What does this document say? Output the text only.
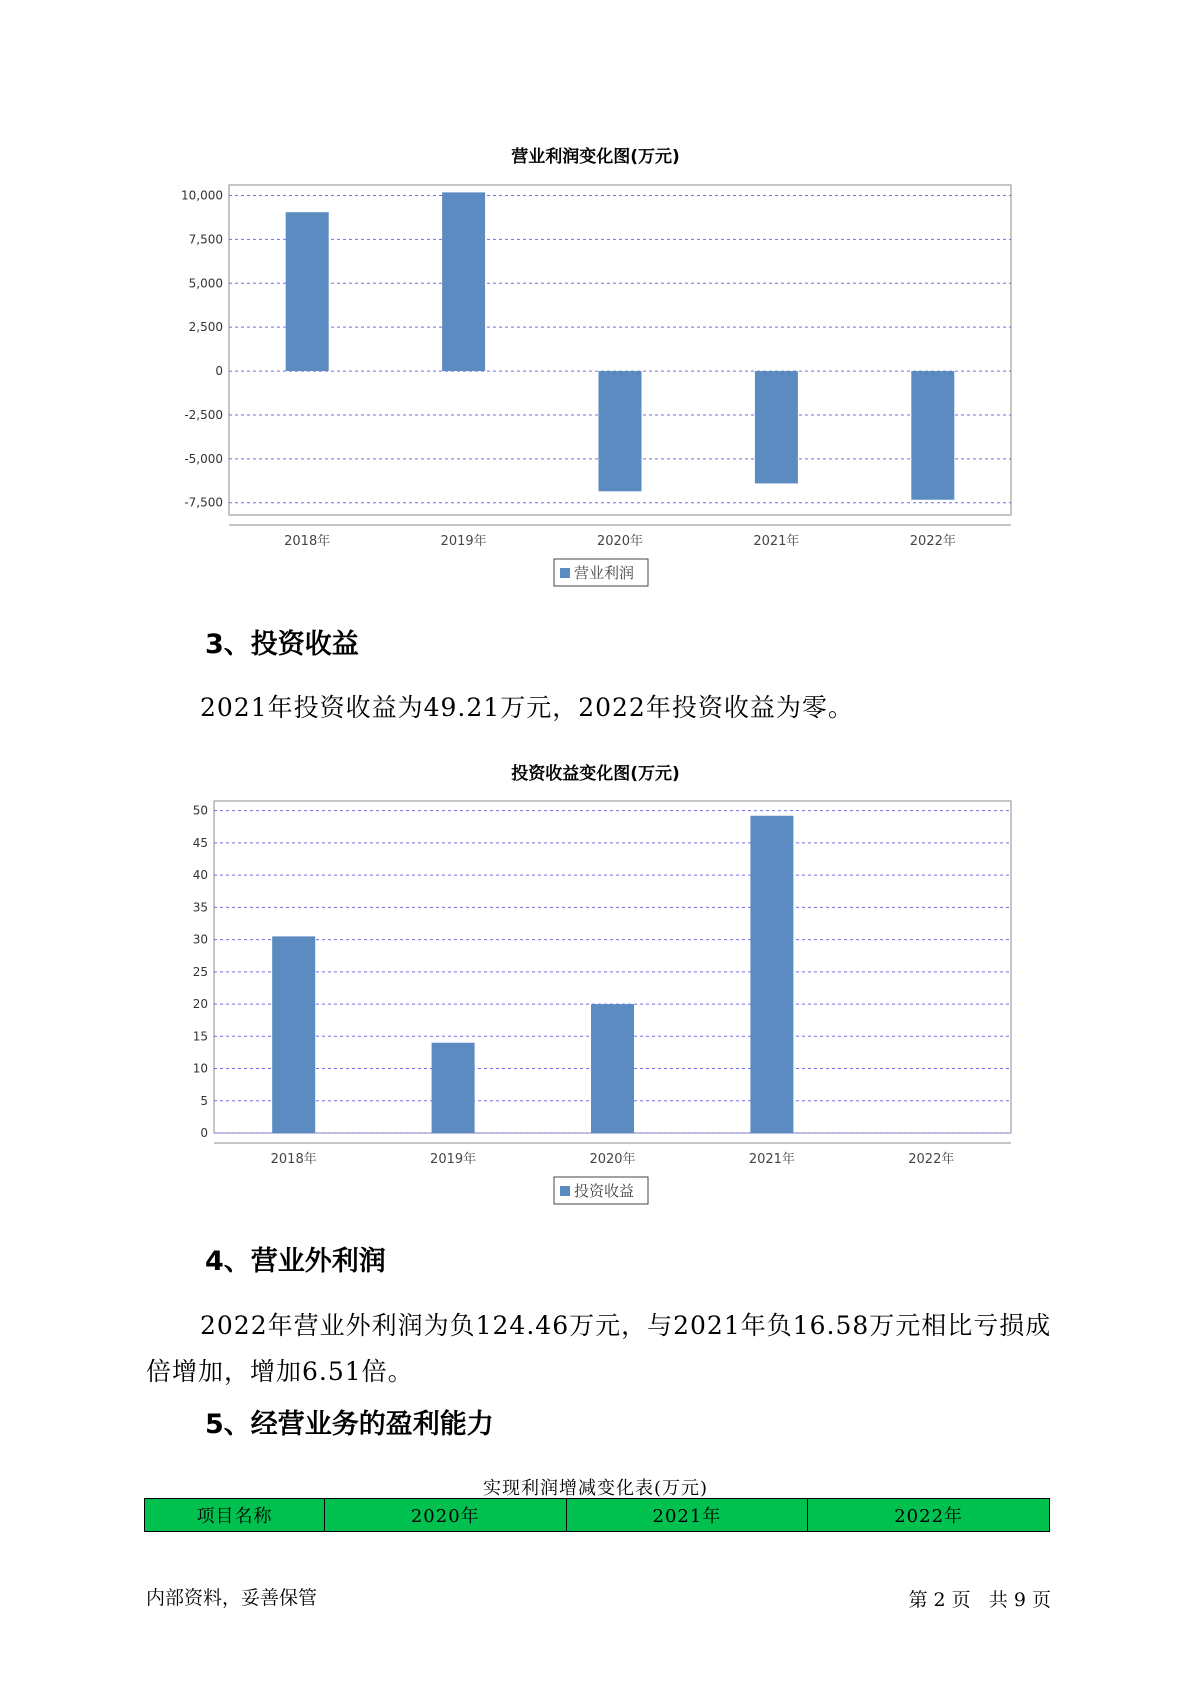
营业利润变化图(万元)
10,000
7,500
5,000
2,500
0
-2,500
-5,000
-7,500
2018年	2019年	2020年	2021年	2022年
营业利润
3、投资收益
2021年投资收益为49.21万元，2022年投资收益为零。
投资收益变化图(万元)
0
5
10
15
20
25
30
35
40
45
50
2018年	2019年	2020年	2021年	2022年
投资收益
4、营业外利润
2022年营业外利润为负124.46万元，与2021年负16.58万元相比亏损成
倍增加，增加6.51倍。
5、经营业务的盈利能力
实现利润增减变化表(万元)
项目名称	2020年	2021年	2022年
内部资料，妥善保管	第 2 页 共 9 页
